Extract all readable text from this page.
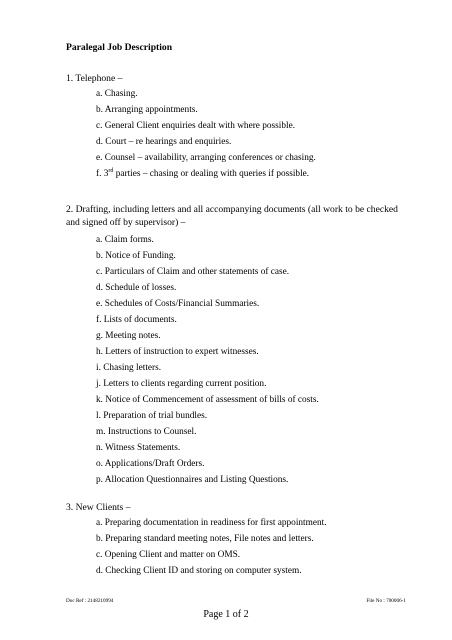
Paralegal Job Description
1. Telephone –
a. Chasing.
b. Arranging appointments.
c. General Client enquiries dealt with where possible.
d. Court – re hearings and enquiries.
e. Counsel – availability, arranging conferences or chasing.
f. 3rd parties – chasing or dealing with queries if possible.
2. Drafting, including letters and all accompanying documents (all work to be checked and signed off by supervisor) –
a. Claim forms.
b. Notice of Funding.
c. Particulars of Claim and other statements of case.
d. Schedule of losses.
e. Schedules of Costs/Financial Summaries.
f. Lists of documents.
g. Meeting notes.
h. Letters of instruction to expert witnesses.
i. Chasing letters.
j. Letters to clients regarding current position.
k. Notice of Commencement of assessment of bills of costs.
l. Preparation of trial bundles.
m. Instructions to Counsel.
n. Witness Statements.
o. Applications/Draft Orders.
p. Allocation Questionnaires and Listing Questions.
3. New Clients –
a. Preparing documentation in readiness for first appointment.
b. Preparing standard meeting notes, File notes and letters.
c. Opening Client and matter on OMS.
d. Checking Client ID and storing on computer system.
Doc Ref : 2148210994	File No : 700006-1
Page 1 of 2
